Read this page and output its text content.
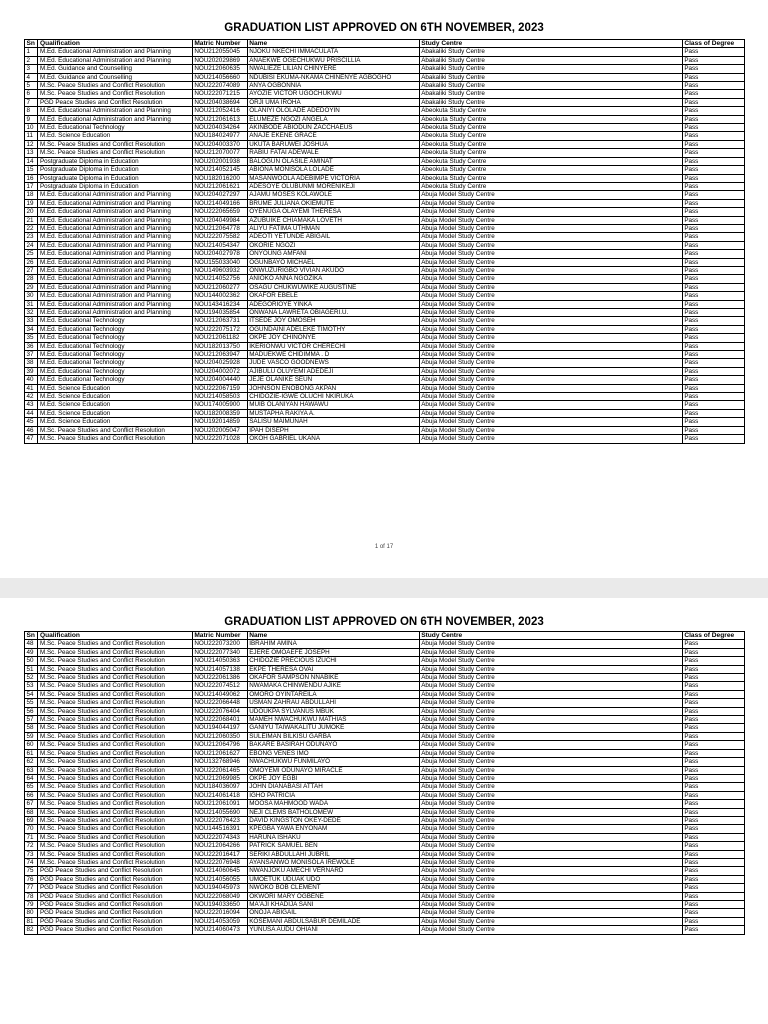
GRADUATION LIST APPROVED ON 6TH NOVEMBER, 2023
Sn	Qualification	Matric Number	Name	Study Centre	Class of Degree
1	M.Ed. Educational Administration and Planning	NOU212055045	NJOKU NKECHI IMMACULATA	Abakaliki Study Centre	Pass
2	M.Ed. Educational Administration and Planning	NOU202029869	ANAEKWE OGECHUKWU PRISCILLIA	Abakaliki Study Centre	Pass
3	M.Ed. Guidance and Counselling	NOU212060635	NWALIEZE LILIAN CHINYERE	Abakaliki Study Centre	Pass
4	M.Ed. Guidance and Counselling	NOU214056660	NDUBISI EKUMA-NKAMA CHINENYE AGBOGHO	Abakaliki Study Centre	Pass
5	M.Sc. Peace Studies and Conflict Resolution	NOU222074089	ANYA OGBONNIA	Abakaliki Study Centre	Pass
6	M.Sc. Peace Studies and Conflict Resolution	NOU222071215	AYOZIE VICTOR UGOCHUKWU	Abakaliki Study Centre	Pass
7	PGD Peace Studies and Conflict Resolution	NOU204038694	ORJI UMA IROHA	Abakaliki Study Centre	Pass
8	M.Ed. Educational Administration and Planning	NOU212052416	OLANIYI OLOLADE ADEDOYIN	Abeokuta Study Centre	Pass
9	M.Ed. Educational Administration and Planning	NOU212061613	ELUMEZE NGOZI ANGELA	Abeokuta Study Centre	Pass
10	M.Ed. Educational Technology	NOU204034264	AKINBODE ABIODUN ZACCHAEUS	Abeokuta Study Centre	Pass
11	M.Ed. Science Education	NOU184024977	ANAJE EKENE GRACE	Abeokuta Study Centre	Pass
12	M.Sc. Peace Studies and Conflict Resolution	NOU204003370	UKUTA BARUWEI JOSHUA	Abeokuta Study Centre	Pass
13	M.Sc. Peace Studies and Conflict Resolution	NOU212070077	RABIU FATAI ADEWALE	Abeokuta Study Centre	Pass
14	Postgraduate Diploma in Education	NOU202001938	BALOGUN OLASILE AMINAT	Abeokuta Study Centre	Pass
15	Postgraduate Diploma in Education	NOU214052145	ABIONA MONISOLA LOLADE	Abeokuta Study Centre	Pass
16	Postgraduate Diploma in Education	NOU182016200	MASANWOOLA ADEBIMPE VICTORIA	Abeokuta Study Centre	Pass
17	Postgraduate Diploma in Education	NOU212061621	ADESOYE OLUBUNMI MORENIKEJI	Abeokuta Study Centre	Pass
18	M.Ed. Educational Administration and Planning	NOU204027297	AJAMU MOSES KOLAWOLE	Abuja Model Study Centre	Pass
19	M.Ed. Educational Administration and Planning	NOU214049166	BRUME JULIANA OKIEMUTE	Abuja Model Study Centre	Pass
20	M.Ed. Educational Administration and Planning	NOU222065659	OYENUGA OLAYEMI THERESA	Abuja Model Study Centre	Pass
21	M.Ed. Educational Administration and Planning	NOU204049984	AZUBUIKE CHIAMAKA LOVETH	Abuja Model Study Centre	Pass
22	M.Ed. Educational Administration and Planning	NOU212064778	ALIYU FATIMA UTHMAN	Abuja Model Study Centre	Pass
23	M.Ed. Educational Administration and Planning	NOU222075582	ADEOTI YETUNDE ABIGAIL	Abuja Model Study Centre	Pass
24	M.Ed. Educational Administration and Planning	NOU214054347	OKORIE NGOZI	Abuja Model Study Centre	Pass
25	M.Ed. Educational Administration and Planning	NOU204027978	ONYOUNG AMFANI	Abuja Model Study Centre	Pass
26	M.Ed. Educational Administration and Planning	NOU155033040	OGUNBAYO MICHAEL	Abuja Model Study Centre	Pass
27	M.Ed. Educational Administration and Planning	NOU149603932	ONWUZURIGBO VIVIAN AKUDO	Abuja Model Study Centre	Pass
28	M.Ed. Educational Administration and Planning	NOU214052756	ANIOKO ANNA NGOZIKA	Abuja Model Study Centre	Pass
29	M.Ed. Educational Administration and Planning	NOU212060277	OSAGU CHUKWUWIKE AUGUSTINE	Abuja Model Study Centre	Pass
30	M.Ed. Educational Administration and Planning	NOU144002362	OKAFOR EBELE	Abuja Model Study Centre	Pass
31	M.Ed. Educational Administration and Planning	NOU143416234	ADEGORIOYE YINKA	Abuja Model Study Centre	Pass
32	M.Ed. Educational Administration and Planning	NOU194035854	ONWANA LAWRETA OBIAGERI.U.	Abuja Model Study Centre	Pass
33	M.Ed. Educational Technology	NOU212063731	ITSEDE JOY OMOSEH	Abuja Model Study Centre	Pass
34	M.Ed. Educational Technology	NOU222075172	OGUNDAINI ADELEKE TIMOTHY	Abuja Model Study Centre	Pass
35	M.Ed. Educational Technology	NOU212061182	OKPE JOY CHINONYE	Abuja Model Study Centre	Pass
36	M.Ed. Educational Technology	NOU182013750	IKERIONWU VICTOR CHERECHI	Abuja Model Study Centre	Pass
37	M.Ed. Educational Technology	NOU212063947	MADUEKWE CHIDIMMA . D	Abuja Model Study Centre	Pass
38	M.Ed. Educational Technology	NOU204025928	JUDE VASCO GOODNEWS	Abuja Model Study Centre	Pass
39	M.Ed. Educational Technology	NOU204002072	AJIBULU OLUYEMI ADEDEJI	Abuja Model Study Centre	Pass
40	M.Ed. Educational Technology	NOU204004440	JEJE OLANIKE SEUN	Abuja Model Study Centre	Pass
41	M.Ed. Science Education	NOU222067159	JOHNSON ENOBONG AKPAN	Abuja Model Study Centre	Pass
42	M.Ed. Science Education	NOU214058503	CHIDOZIE-IGWE OLUCHI NKIRUKA	Abuja Model Study Centre	Pass
43	M.Ed. Science Education	NOU174005900	MUIB OLANIYAN HAWAWU	Abuja Model Study Centre	Pass
44	M.Ed. Science Education	NOU182008359	MUSTAPHA RAKIYA A.	Abuja Model Study Centre	Pass
45	M.Ed. Science Education	NOU192014859	SALISU MAIMUNAH	Abuja Model Study Centre	Pass
46	M.Sc. Peace Studies and Conflict Resolution	NOU202005047	IPAH DISEPH	Abuja Model Study Centre	Pass
47	M.Sc. Peace Studies and Conflict Resolution	NOU222071028	OKOH GABRIEL UKANA	Abuja Model Study Centre	Pass
1 of 17
GRADUATION LIST APPROVED ON 6TH NOVEMBER, 2023
Sn	Qualification	Matric Number	Name	Study Centre	Class of Degree
48	M.Sc. Peace Studies and Conflict Resolution	NOU222073200	IBRAHIM AMINA	Abuja Model Study Centre	Pass
49	M.Sc. Peace Studies and Conflict Resolution	NOU222077340	EJERE OMOAEFE JOSEPH	Abuja Model Study Centre	Pass
50	M.Sc. Peace Studies and Conflict Resolution	NOU214050363	CHIDOZIE PRECIOUS IZUCHI	Abuja Model Study Centre	Pass
51	M.Sc. Peace Studies and Conflict Resolution	NOU214057138	EKPE THERESA OVAI	Abuja Model Study Centre	Pass
52	M.Sc. Peace Studies and Conflict Resolution	NOU222061386	OKAFOR SAMPSON NNABIKE	Abuja Model Study Centre	Pass
53	M.Sc. Peace Studies and Conflict Resolution	NOU222074512	NWAMAKA CHINWENDU AJIKE	Abuja Model Study Centre	Pass
54	M.Sc. Peace Studies and Conflict Resolution	NOU214049062	OMORO OYINTAREILA	Abuja Model Study Centre	Pass
55	M.Sc. Peace Studies and Conflict Resolution	NOU222066448	USMAN ZAHRAU ABDULLAHI	Abuja Model Study Centre	Pass
56	M.Sc. Peace Studies and Conflict Resolution	NOU222076404	UDOUKPA SYLVANUS MBUK	Abuja Model Study Centre	Pass
57	M.Sc. Peace Studies and Conflict Resolution	NOU222068401	MAMEH NWACHUKWU MATHIAS	Abuja Model Study Centre	Pass
58	M.Sc. Peace Studies and Conflict Resolution	NOU194044197	GANIYU TAIWAKALITU JUMOKE	Abuja Model Study Centre	Pass
59	M.Sc. Peace Studies and Conflict Resolution	NOU212060350	SULEIMAN BILKISU GARBA	Abuja Model Study Centre	Pass
60	M.Sc. Peace Studies and Conflict Resolution	NOU212064796	BAKARE BASIRAH ODUNAYO	Abuja Model Study Centre	Pass
61	M.Sc. Peace Studies and Conflict Resolution	NOU212061627	EBONG VENES IMO	Abuja Model Study Centre	Pass
62	M.Sc. Peace Studies and Conflict Resolution	NOU132768946	NWACHUKWU FUNMILAYO	Abuja Model Study Centre	Pass
63	M.Sc. Peace Studies and Conflict Resolution	NOU222061465	OMOYEMI ODUNAYO MIRACLE	Abuja Model Study Centre	Pass
64	M.Sc. Peace Studies and Conflict Resolution	NOU212069985	OKPE JOY EGBI	Abuja Model Study Centre	Pass
65	M.Sc. Peace Studies and Conflict Resolution	NOU184036097	JOHN DIANABASI ATTAH	Abuja Model Study Centre	Pass
66	M.Sc. Peace Studies and Conflict Resolution	NOU214061418	IGHO PATRICIA	Abuja Model Study Centre	Pass
67	M.Sc. Peace Studies and Conflict Resolution	NOU212061091	MOOSA MAHMOOD WADA	Abuja Model Study Centre	Pass
68	M.Sc. Peace Studies and Conflict Resolution	NOU214055690	NEJI CLEMS BATHOLOMEW	Abuja Model Study Centre	Pass
69	M.Sc. Peace Studies and Conflict Resolution	NOU222076423	DAVID KINGSTON OKEY-DEDE	Abuja Model Study Centre	Pass
70	M.Sc. Peace Studies and Conflict Resolution	NOU144516391	KPEGBA YAWA ENYONAM	Abuja Model Study Centre	Pass
71	M.Sc. Peace Studies and Conflict Resolution	NOU222074343	HARUNA ISHAKU	Abuja Model Study Centre	Pass
72	M.Sc. Peace Studies and Conflict Resolution	NOU212064266	PATRICK SAMUEL BEN	Abuja Model Study Centre	Pass
73	M.Sc. Peace Studies and Conflict Resolution	NOU222016417	SERIKI ABDULLAHI JUBRIL	Abuja Model Study Centre	Pass
74	M.Sc. Peace Studies and Conflict Resolution	NOU222076948	AYANSANWO MONISOLA IREWOLE	Abuja Model Study Centre	Pass
75	PGD Peace Studies and Conflict Resolution	NOU214060645	NWANJOKU AMECHI VERNARD	Abuja Model Study Centre	Pass
76	PGD Peace Studies and Conflict Resolution	NOU214056055	UMOETUK UDUAK UDO	Abuja Model Study Centre	Pass
77	PGD Peace Studies and Conflict Resolution	NOU194045973	NWOKO BOB CLEMENT	Abuja Model Study Centre	Pass
78	PGD Peace Studies and Conflict Resolution	NOU222068049	OKWORI MARY OGBENE	Abuja Model Study Centre	Pass
79	PGD Peace Studies and Conflict Resolution	NOU194033650	MA'AJI KHADIJA SANI	Abuja Model Study Centre	Pass
80	PGD Peace Studies and Conflict Resolution	NOU222016094	ONOJA ABIGAIL	Abuja Model Study Centre	Pass
81	PGD Peace Studies and Conflict Resolution	NOU214053059	KOSEMANI ABDULSABUR DEMILADE	Abuja Model Study Centre	Pass
82	PGD Peace Studies and Conflict Resolution	NOU214060473	YUNUSA AUDU OHIANI	Abuja Model Study Centre	Pass
